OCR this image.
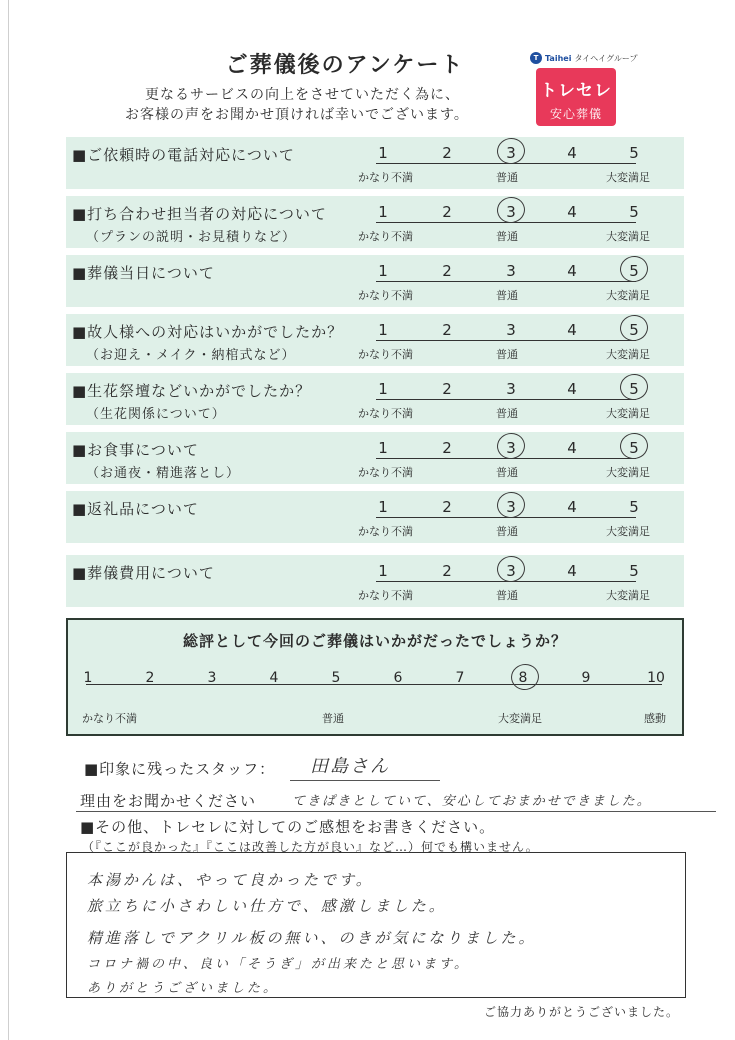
ご葬儀後のアンケート
更なるサービスの向上をさせていただく為に、
お客様の声をお聞かせ頂ければ幸いでございます。
T Taihei タイヘイグループ
トレセレ
安心葬儀
■ご依頼時の電話対応について	1	2	3	4	5
かなり不満	普通	大変満足
■打ち合わせ担当者の対応について
（プランの説明・お見積りなど）
1	2	3	4	5
かなり不満	普通	大変満足
■葬儀当日について	1	2	3	4	5
かなり不満	普通	大変満足
■故人様への対応はいかがでしたか？
（お迎え・メイク・納棺式など）
1	2	3	4	5
かなり不満	普通	大変満足
■生花祭壇などいかがでしたか？
（生花関係について）
1	2	3	4	5
かなり不満	普通	大変満足
■お食事について
（お通夜・精進落とし）
1	2	3	4	5
かなり不満	普通	大変満足
■返礼品について	1	2	3	4	5
かなり不満	普通	大変満足
■葬儀費用について	1	2	3	4	5
かなり不満	普通	大変満足
総評として今回のご葬儀はいかがだったでしょうか？
1	2	3	4	5	6	7	8	9	10
かなり不満	普通	大変満足	感動
■印象に残ったスタッフ： 田島さん
理由をお聞かせください	てきぱきとしていて、安心しておまかせできました。
■その他、トレセレに対してのご感想をお書きください。
（『ここが良かった』『ここは改善した方が良い』など…）何でも構いません。
本湯かんは、やって良かったです。
旅立ちに小さわしい仕方で、感激しました。
精進落しでアクリル板の無い、のきが気になりました。
コロナ禍の中、良い「そうぎ」が出来たと思います。
ありがとうございました。
ご協力ありがとうございました。
